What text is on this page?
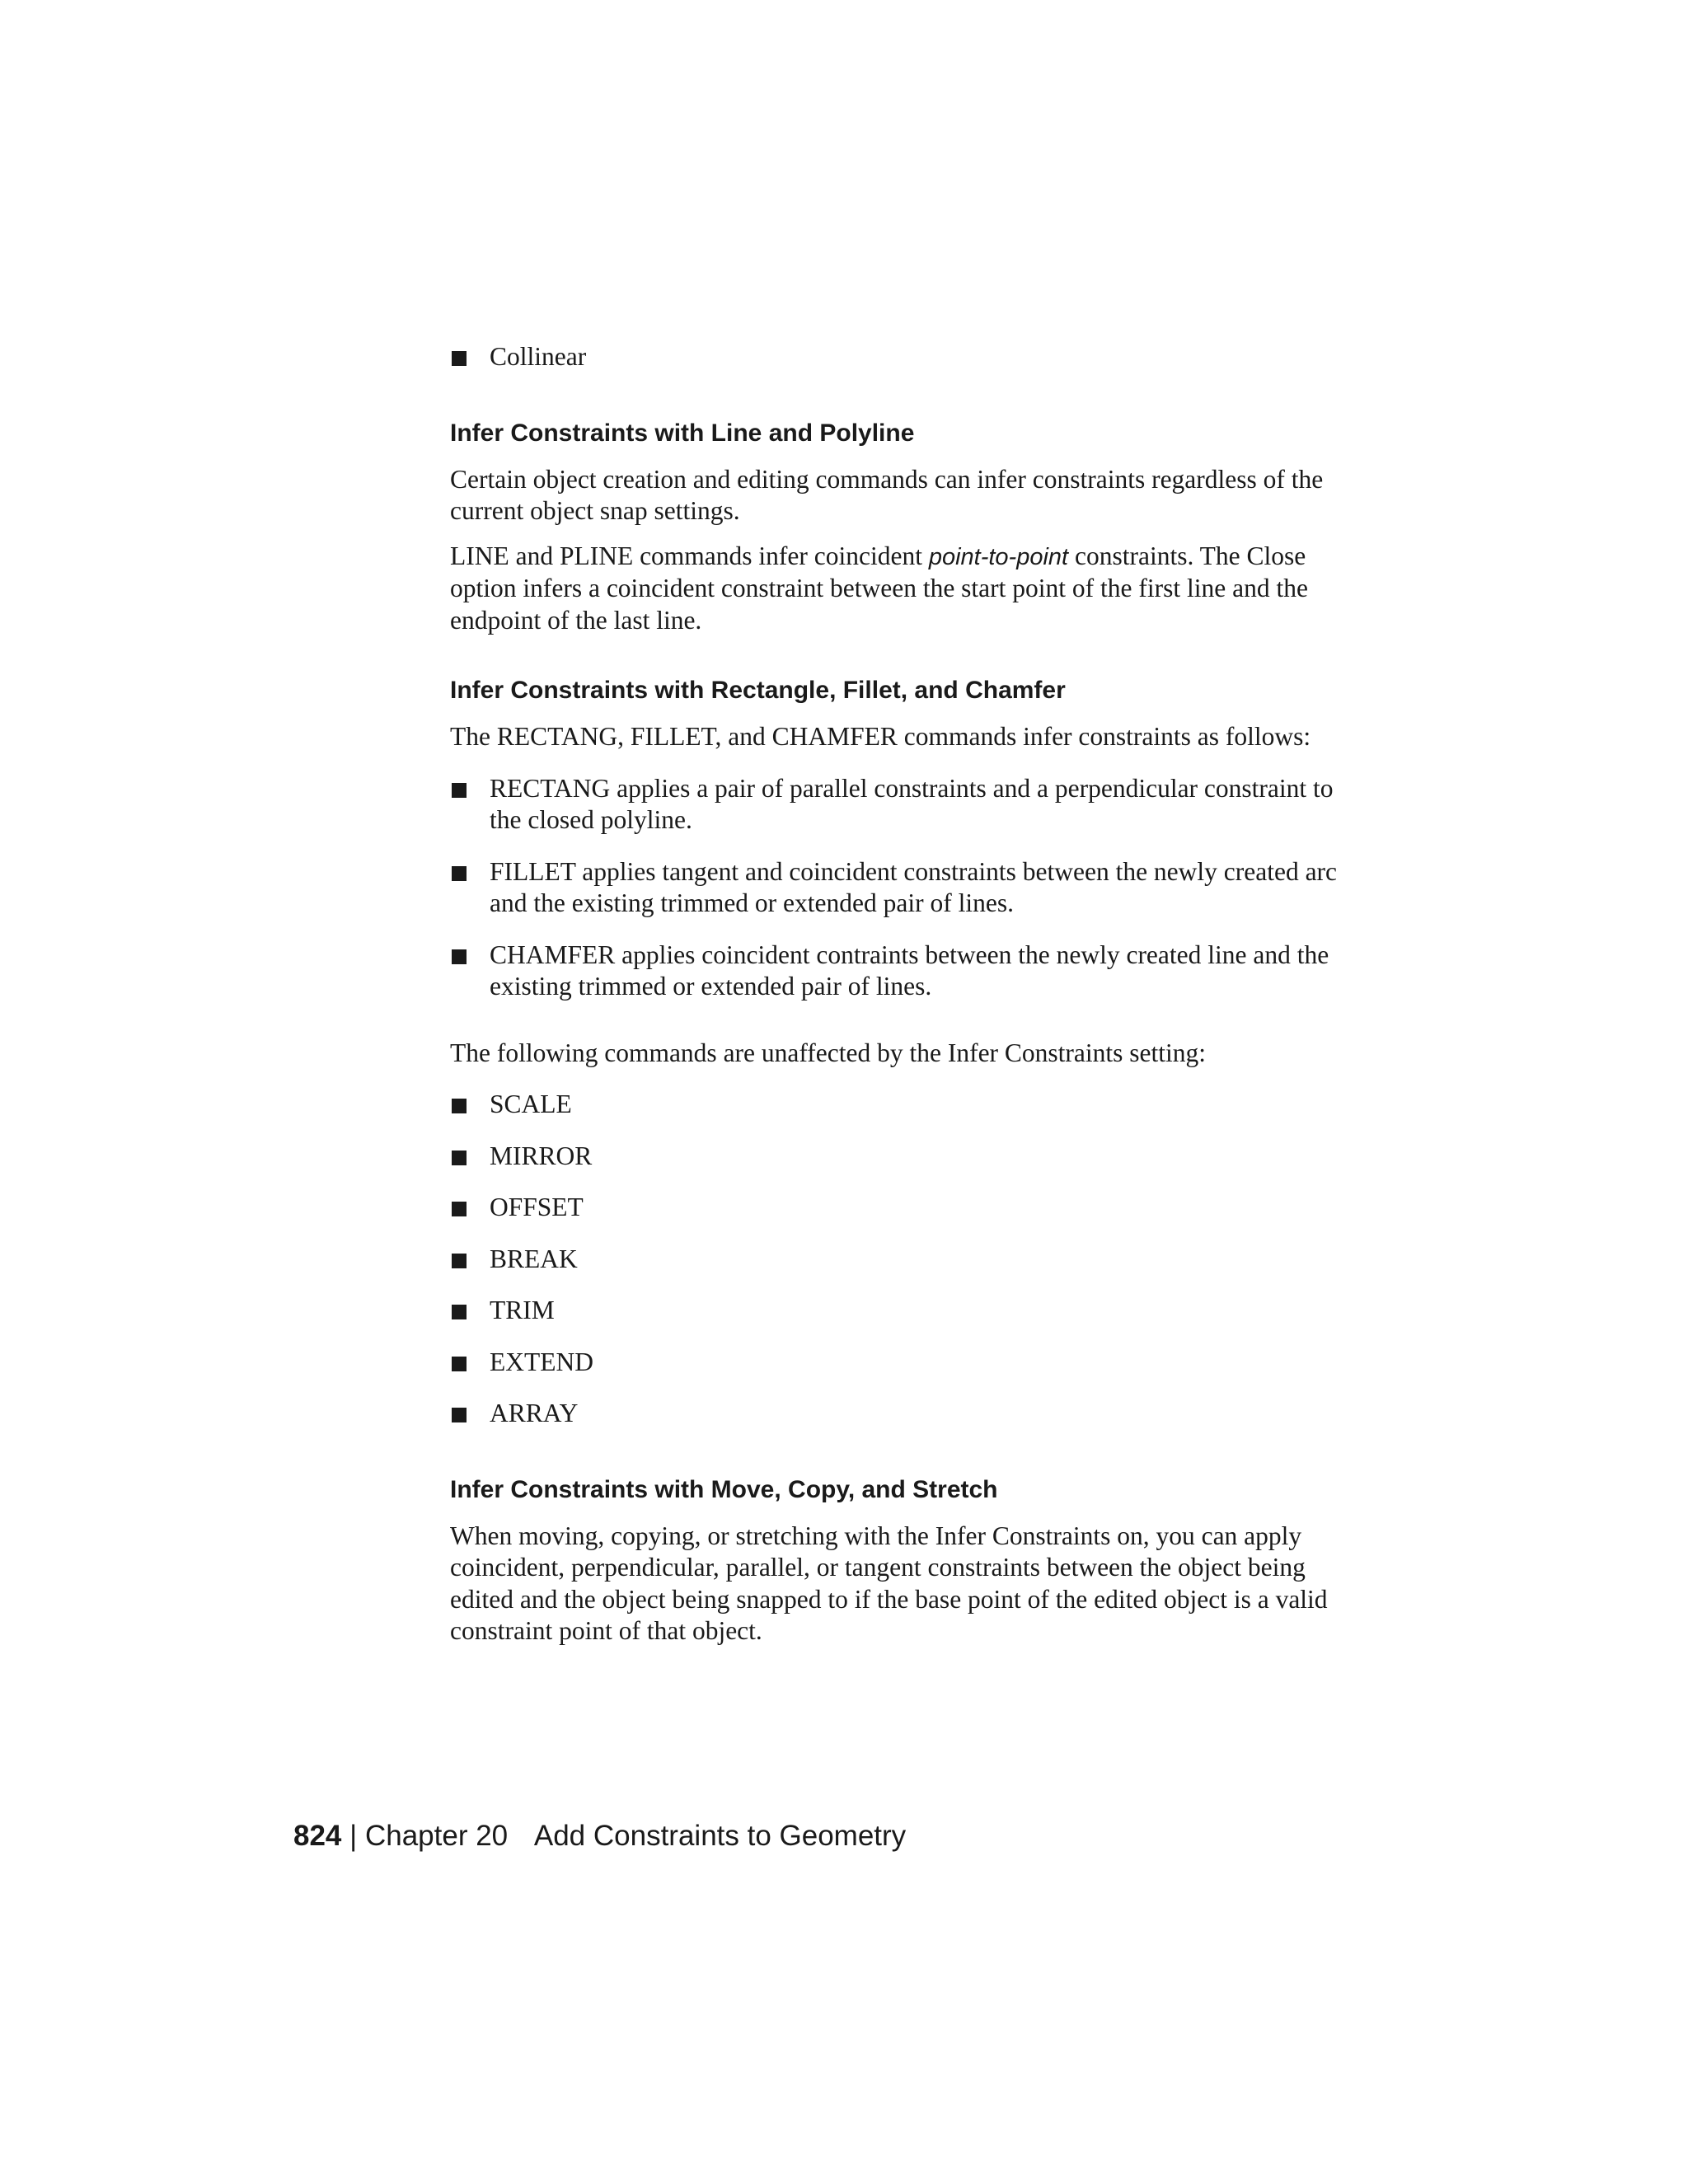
Collinear
Infer Constraints with Line and Polyline

Certain object creation and editing commands can infer constraints regardless of the current object snap settings.

LINE and PLINE commands infer coincident point-to-point constraints. The Close option infers a coincident constraint between the start point of the first line and the endpoint of the last line.

Infer Constraints with Rectangle, Fillet, and Chamfer

The RECTANG, FILLET, and CHAMFER commands infer constraints as follows:

RECTANG applies a pair of parallel constraints and a perpendicular constraint to the closed polyline.
FILLET applies tangent and coincident constraints between the newly created arc and the existing trimmed or extended pair of lines.
CHAMFER applies coincident contraints between the newly created line and the existing trimmed or extended pair of lines.

The following commands are unaffected by the Infer Constraints setting:

SCALE
MIRROR
OFFSET
BREAK
TRIM
EXTEND
ARRAY
Infer Constraints with Move, Copy, and Stretch

When moving, copying, or stretching with the Infer Constraints on, you can apply coincident, perpendicular, parallel, or tangent constraints between the object being edited and the object being snapped to if the base point of the edited object is a valid constraint point of that object.

824 | Chapter 20 Add Constraints to Geometry
